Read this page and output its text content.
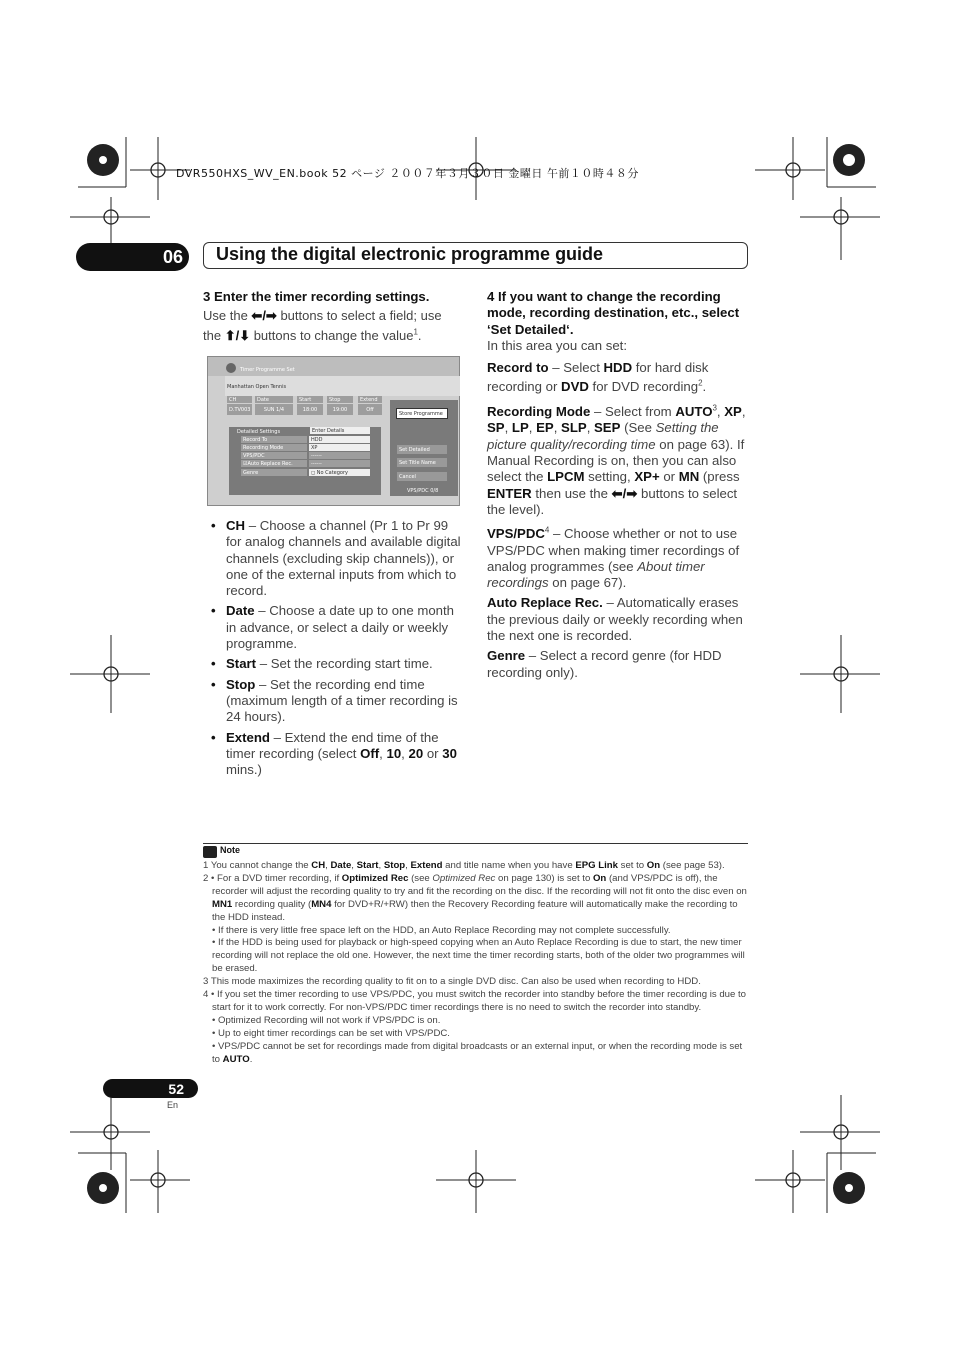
DVR550HXS_WV_EN.book 52 ページ ２００７年３月３０日 金曜日 午前１０時４８分
06 Using the digital electronic programme guide

3 Enter the timer recording settings.

Use the ⬅/➡ buttons to select a field; use
the ⬆/⬇ buttons to change the value$^1$.

Timer Programme Set
Manhattan Open Tennis
CH	Date	Start	Stop	Extend
D.TV003	SUN 1/4	18:00	19:00	Off
Detailed Settings	Enter Details
Record To	HDD
Recording Mode	XP
VPS/PDC	------
☑Auto Replace Rec.	------
Genre	◻ No Category
Store Programme
Set Detailed
Set Title Name
Cancel
VPS/PDC 0/8
• CH – Choose a channel (Pr 1 to Pr 99 for analog channels and available digital channels (excluding skip channels)), or one of the external inputs from which to record.
• Date – Choose a date up to one month in advance, or select a daily or weekly programme.
• Start – Set the recording start time.
• Stop – Set the recording end time (maximum length of a timer recording is 24 hours).
• Extend – Extend the end time of the timer recording (select Off, 10, 20 or 30 mins.)

4 If you want to change the recording mode, recording destination, etc., select ‘Set Detailed‘.

In this area you can set:

Record to – Select HDD for hard disk recording or DVD for DVD recording$^2$.

Recording Mode – Select from AUTO$^3$, XP, SP, LP, EP, SLP, SEP (See Setting the picture quality/recording time on page 63). If Manual Recording is on, then you can also select the LPCM setting, XP+ or MN (press ENTER then use the ⬅/➡ buttons to select the level).

VPS/PDC$^4$ – Choose whether or not to use VPS/PDC when making timer recordings of analog programmes (see About timer recordings on page 67).

Auto Replace Rec. – Automatically erases the previous daily or weekly recording when the next one is recorded.

Genre – Select a record genre (for HDD recording only).

Note

1 You cannot change the CH, Date, Start, Stop, Extend and title name when you have EPG Link set to On (see page 53).

2 • For a DVD timer recording, if Optimized Rec (see Optimized Rec on page 130) is set to On (and VPS/PDC is off), the recorder will adjust the recording quality to try and fit the recording on the disc. If the recording will not fit onto the disc even on MN1 recording quality (MN4 for DVD+R/+RW) then the Recovery Recording feature will automatically make the recording to the HDD instead.

• If there is very little free space left on the HDD, an Auto Replace Recording may not complete successfully.

• If the HDD is being used for playback or high-speed copying when an Auto Replace Recording is due to start, the new timer recording will not replace the old one. However, the next time the timer recording starts, both of the older two programmes will be erased.

3 This mode maximizes the recording quality to fit on to a single DVD disc. Can also be used when recording to HDD.

4 • If you set the timer recording to use VPS/PDC, you must switch the recorder into standby before the timer recording is due to start for it to work correctly. For non-VPS/PDC timer recordings there is no need to switch the recorder into standby.

• Optimized Recording will not work if VPS/PDC is on.

• Up to eight timer recordings can be set with VPS/PDC.

• VPS/PDC cannot be set for recordings made from digital broadcasts or an external input, or when the recording mode is set to AUTO.

52
En
